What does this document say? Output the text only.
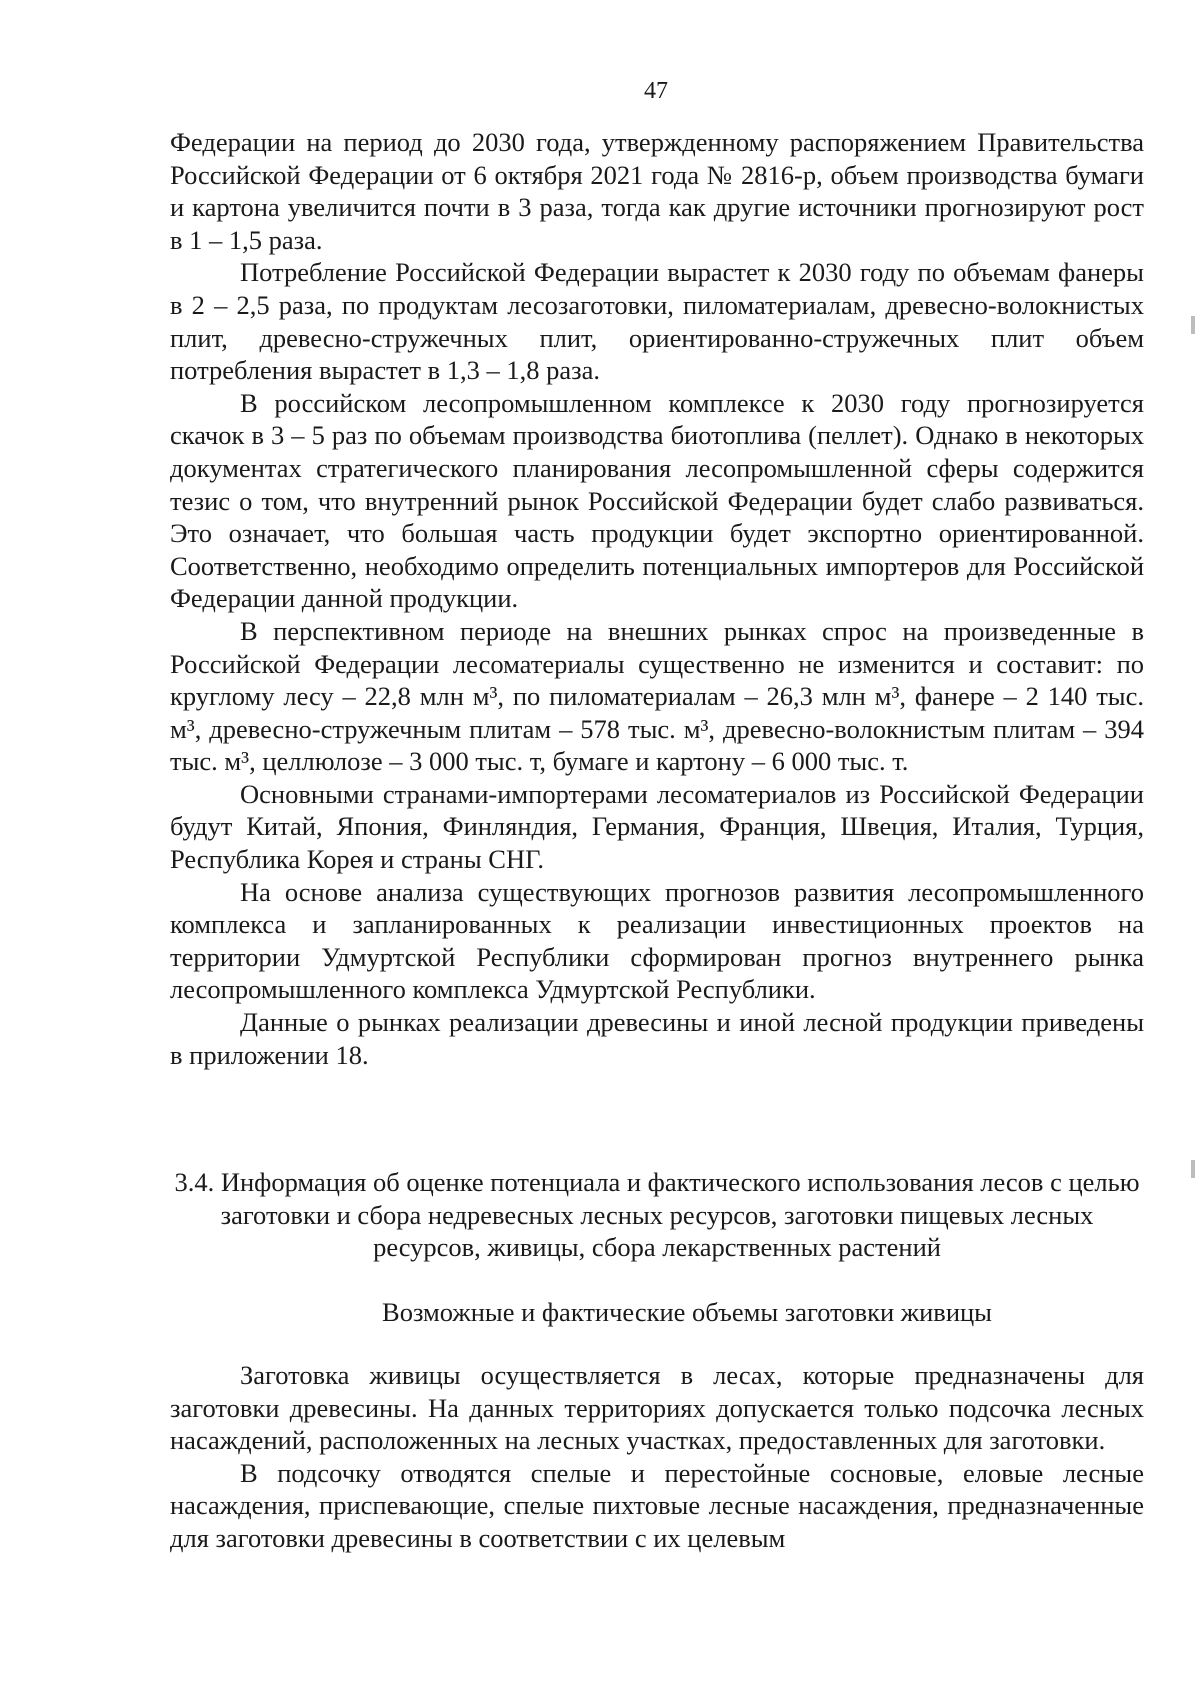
47

Федерации на период до 2030 года, утвержденному распоряжением Правительства Российской Федерации от 6 октября 2021 года № 2816-р, объем производства бумаги и картона увеличится почти в 3 раза, тогда как другие источники прогнозируют рост в 1 – 1,5 раза.

Потребление Российской Федерации вырастет к 2030 году по объемам фанеры в 2 – 2,5 раза, по продуктам лесозаготовки, пиломатериалам, древесно-волокнистых плит, древесно-стружечных плит, ориентированно-стружечных плит объем потребления вырастет в 1,3 – 1,8 раза.

В российском лесопромышленном комплексе к 2030 году прогнозируется скачок в 3 – 5 раз по объемам производства биотоплива (пеллет). Однако в некоторых документах стратегического планирования лесопромышленной сферы содержится тезис о том, что внутренний рынок Российской Федерации будет слабо развиваться. Это означает, что большая часть продукции будет экспортно ориентированной. Соответственно, необходимо определить потенциальных импортеров для Российской Федерации данной продукции.

В перспективном периоде на внешних рынках спрос на произведенные в Российской Федерации лесоматериалы существенно не изменится и составит: по круглому лесу – 22,8 млн м³, по пиломатериалам – 26,3 млн м³, фанере – 2 140 тыс. м³, древесно-стружечным плитам – 578 тыс. м³, древесно-волокнистым плитам – 394 тыс. м³, целлюлозе – 3 000 тыс. т, бумаге и картону – 6 000 тыс. т.

Основными странами-импортерами лесоматериалов из Российской Федерации будут Китай, Япония, Финляндия, Германия, Франция, Швеция, Италия, Турция, Республика Корея и страны СНГ.

На основе анализа существующих прогнозов развития лесопромышленного комплекса и запланированных к реализации инвестиционных проектов на территории Удмуртской Республики сформирован прогноз внутреннего рынка лесопромышленного комплекса Удмуртской Республики.

Данные о рынках реализации древесины и иной лесной продукции приведены в приложении 18.

3.4. Информация об оценке потенциала и фактического использования лесов с целью заготовки и сбора недревесных лесных ресурсов, заготовки пищевых лесных ресурсов, живицы, сбора лекарственных растений
Возможные и фактические объемы заготовки живицы

Заготовка живицы осуществляется в лесах, которые предназначены для заготовки древесины. На данных территориях допускается только подсочка лесных насаждений, расположенных на лесных участках, предоставленных для заготовки.

В подсочку отводятся спелые и перестойные сосновые, еловые лесные насаждения, приспевающие, спелые пихтовые лесные насаждения, предназначенные для заготовки древесины в соответствии с их целевым
